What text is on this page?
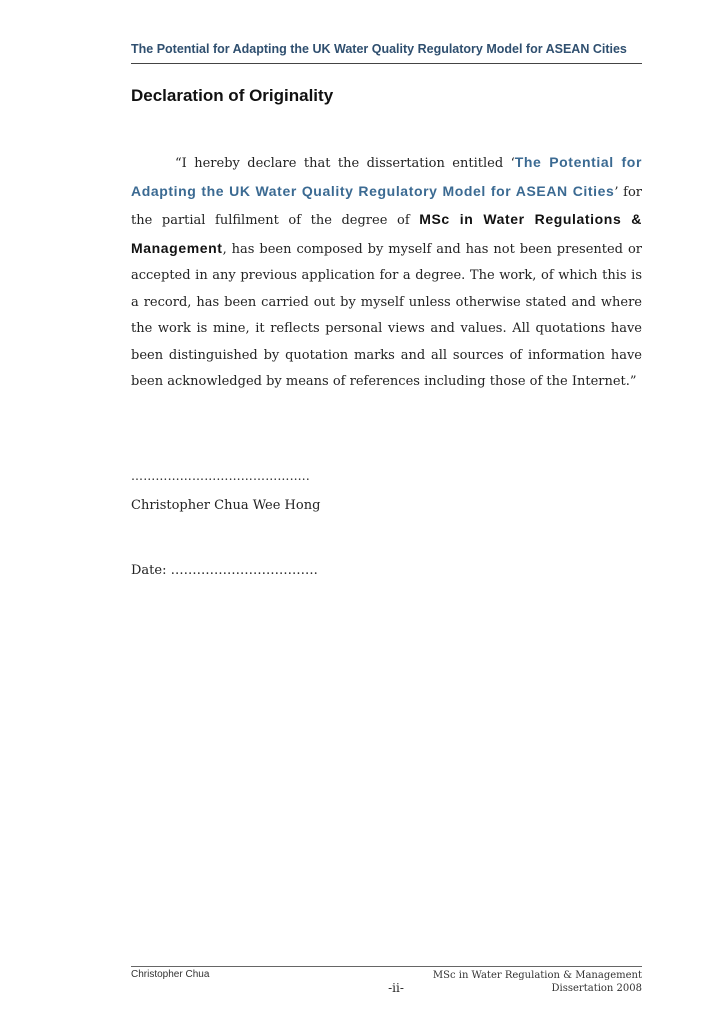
The Potential for Adapting the UK Water Quality Regulatory Model for ASEAN Cities
Declaration of Originality

“I hereby declare that the dissertation entitled ‘The Potential for Adapting the UK Water Quality Regulatory Model for ASEAN Cities’ for the partial fulfilment of the degree of MSc in Water Regulations & Management, has been composed by myself and has not been presented or accepted in any previous application for a degree. The work, of which this is a record, has been carried out by myself unless otherwise stated and where the work is mine, it reflects personal views and values. All quotations have been distinguished by quotation marks and all sources of information have been acknowledged by means of references including those of the Internet.”

……………………………………..
Christopher Chua Wee Hong
Date: …………………………….
Christopher Chua
-ii-
MSc in Water Regulation & Management
Dissertation 2008
